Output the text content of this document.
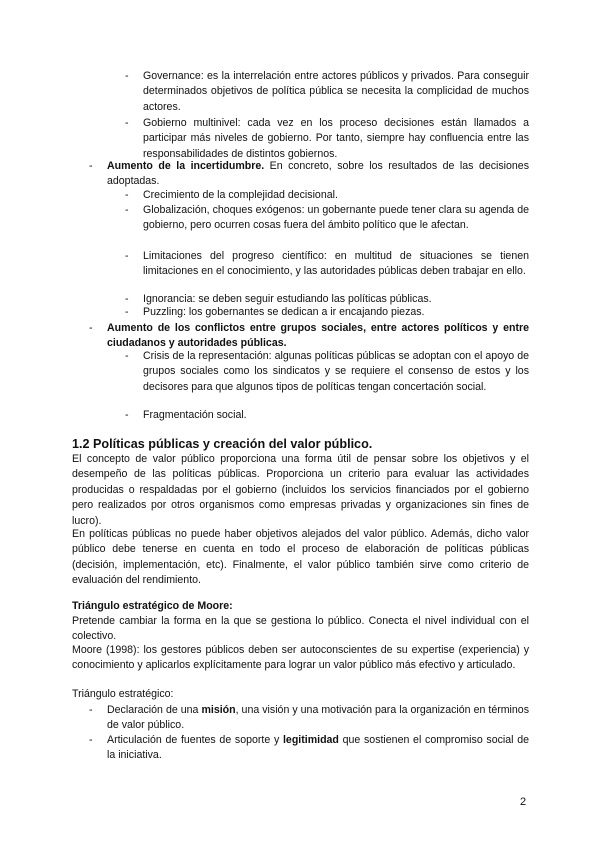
- Governance: es la interrelación entre actores públicos y privados. Para conseguir determinados objetivos de política pública se necesita la complicidad de muchos actores.
- Gobierno multinivel: cada vez en los proceso decisiones están llamados a participar más niveles de gobierno. Por tanto, siempre hay confluencia entre las responsabilidades de distintos gobiernos.
- Aumento de la incertidumbre. En concreto, sobre los resultados de las decisiones adoptadas.
- Crecimiento de la complejidad decisional.
- Globalización, choques exógenos: un gobernante puede tener clara su agenda de gobierno, pero ocurren cosas fuera del ámbito político que le afectan.
- Limitaciones del progreso científico: en multitud de situaciones se tienen limitaciones en el conocimiento, y las autoridades públicas deben trabajar en ello.
- Ignorancia: se deben seguir estudiando las políticas públicas.
- Puzzling: los gobernantes se dedican a ir encajando piezas.
- Aumento de los conflictos entre grupos sociales, entre actores políticos y entre ciudadanos y autoridades públicas.
- Crisis de la representación: algunas políticas públicas se adoptan con el apoyo de grupos sociales como los sindicatos y se requiere el consenso de estos y los decisores para que algunos tipos de políticas tengan concertación social.
- Fragmentación social.
1.2 Políticas públicas y creación del valor público.
El concepto de valor público proporciona una forma útil de pensar sobre los objetivos y el desempeño de las políticas públicas. Proporciona un criterio para evaluar las actividades producidas o respaldadas por el gobierno (incluidos los servicios financiados por el gobierno pero realizados por otros organismos como empresas privadas y organizaciones sin fines de lucro).
En políticas públicas no puede haber objetivos alejados del valor público. Además, dicho valor público debe tenerse en cuenta en todo el proceso de elaboración de políticas públicas (decisión, implementación, etc). Finalmente, el valor público también sirve como criterio de evaluación del rendimiento.
Triángulo estratégico de Moore:
Pretende cambiar la forma en la que se gestiona lo público. Conecta el nivel individual con el colectivo.
Moore (1998): los gestores públicos deben ser autoconscientes de su expertise (experiencia) y conocimiento y aplicarlos explícitamente para lograr un valor público más efectivo y articulado.
Triángulo estratégico:
- Declaración de una misión, una visión y una motivación para la organización en términos de valor público.
- Articulación de fuentes de soporte y legitimidad que sostienen el compromiso social de la iniciativa.
2
